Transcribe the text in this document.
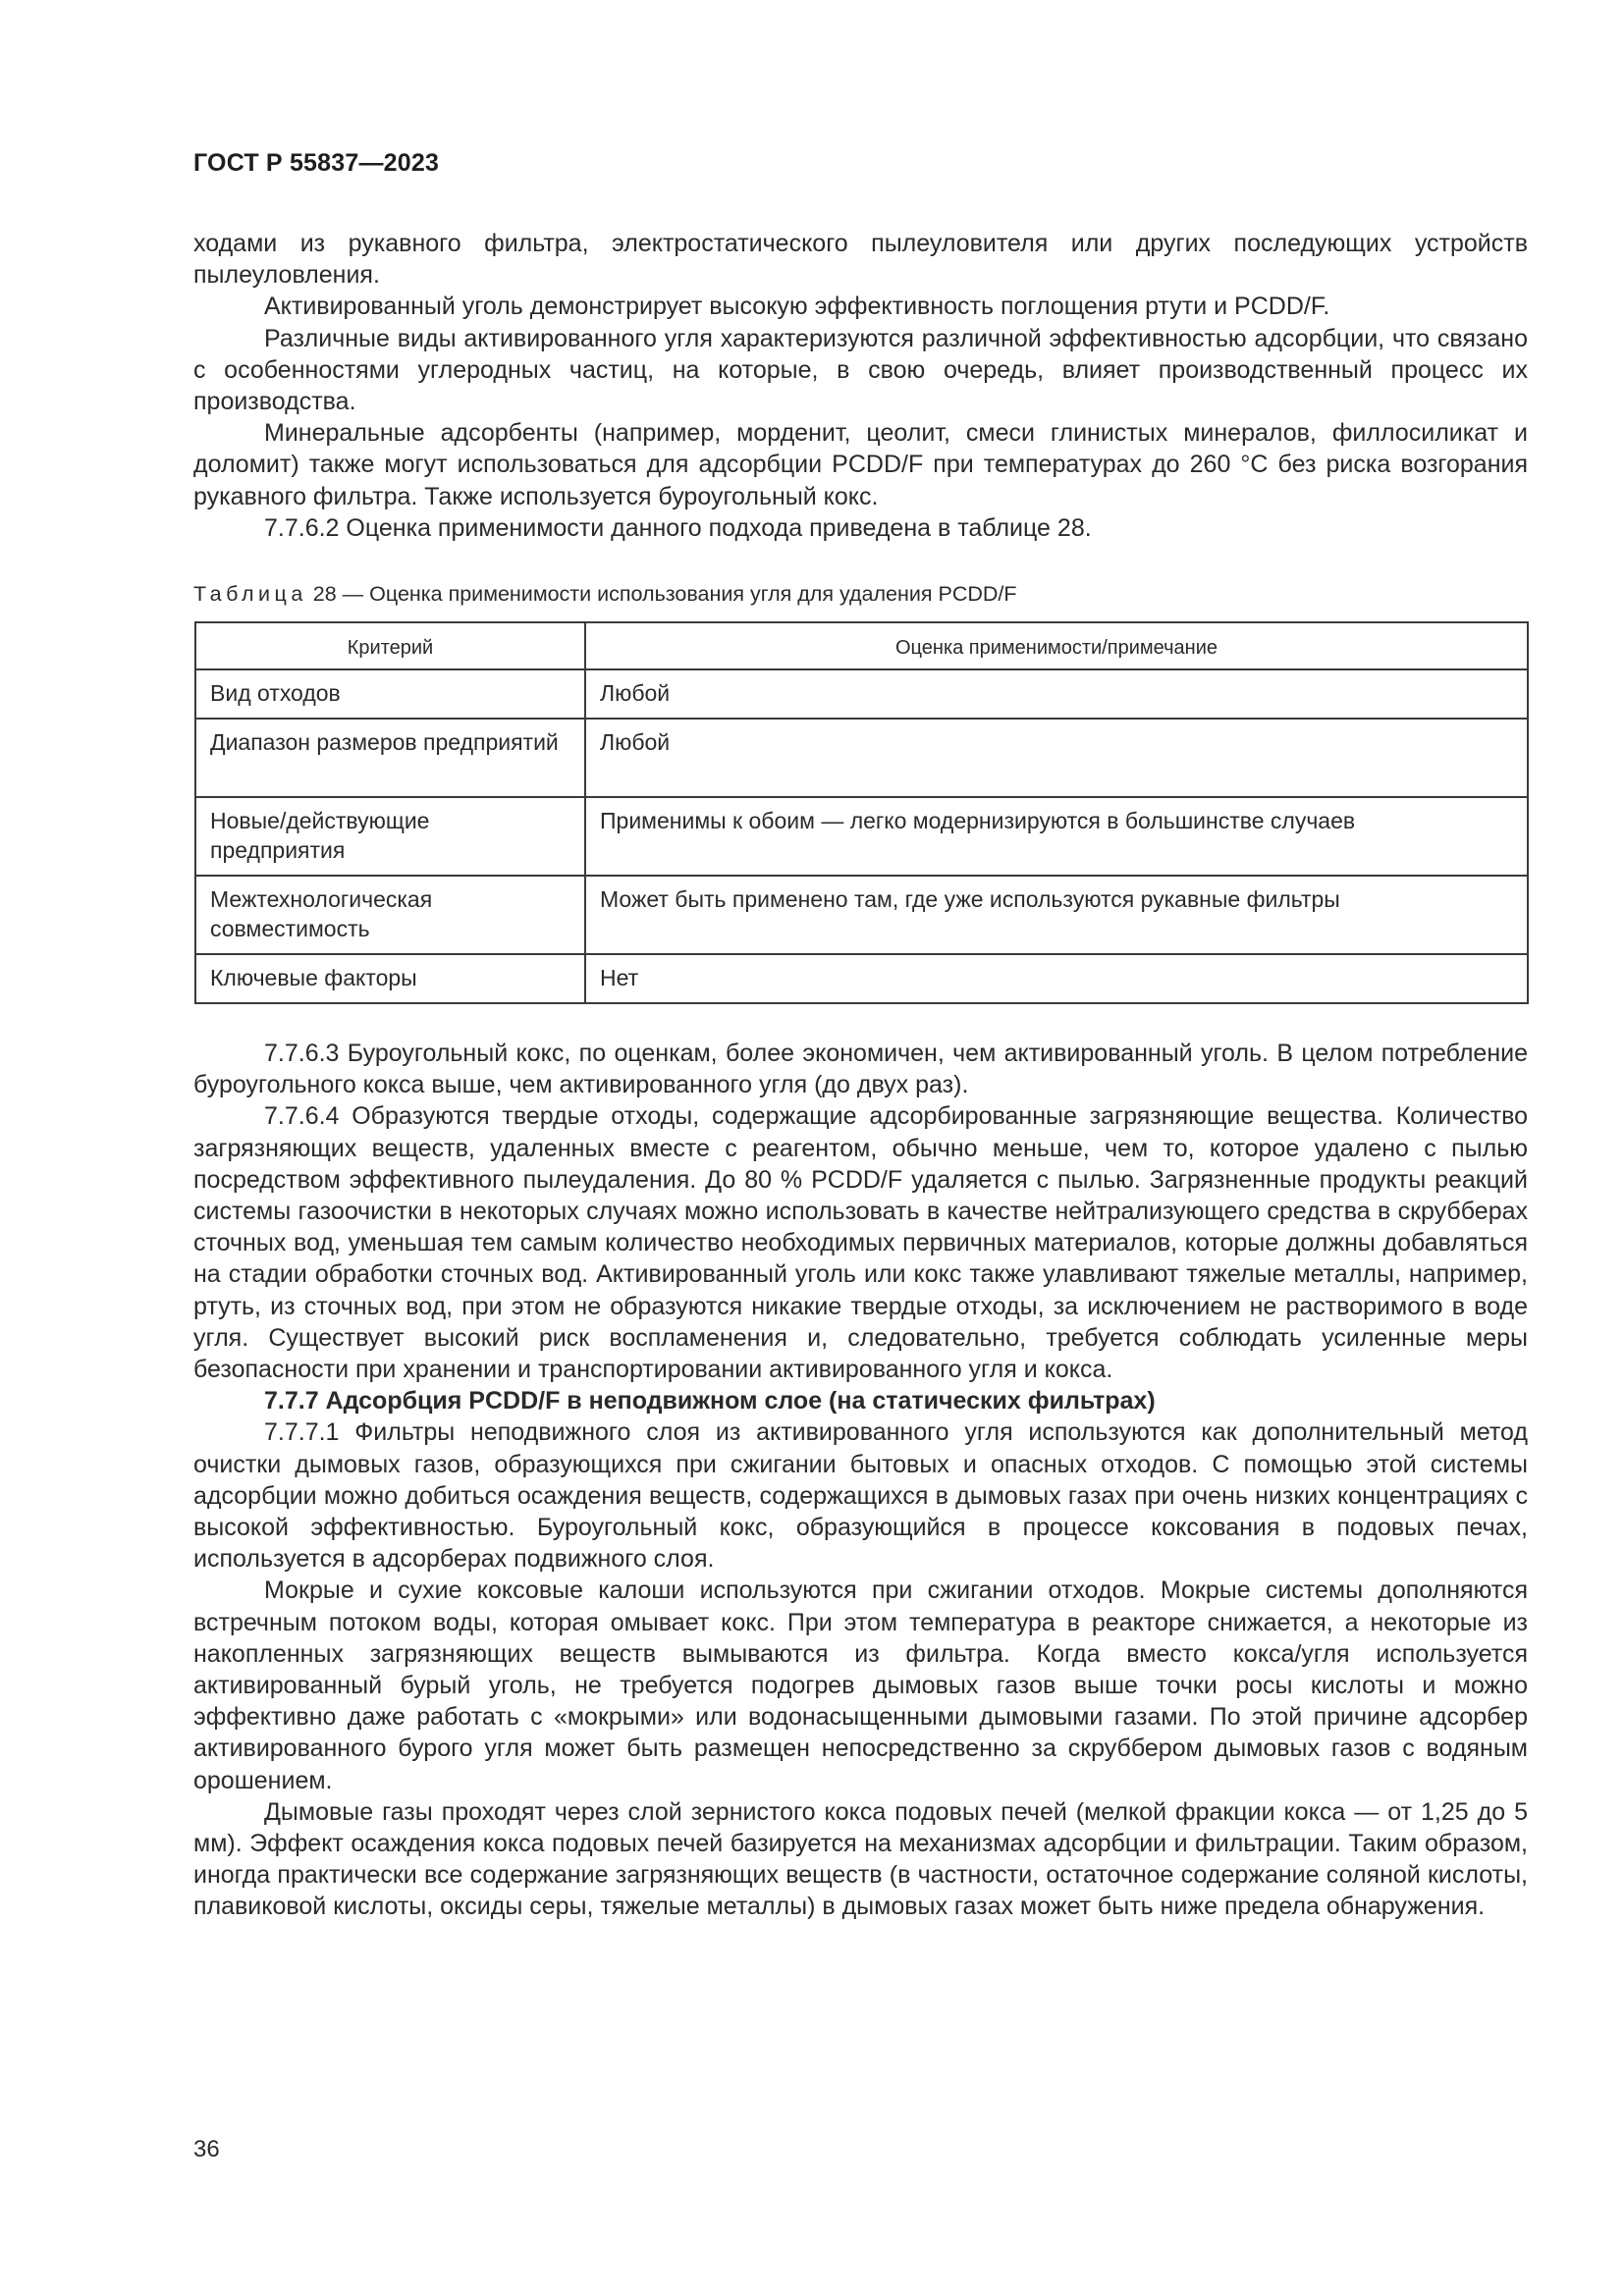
ГОСТ Р 55837—2023

ходами из рукавного фильтра, электростатического пылеуловителя или других последующих устройств пылеуловления.

Активированный уголь демонстрирует высокую эффективность поглощения ртути и PCDD/F.

Различные виды активированного угля характеризуются различной эффективностью адсорбции, что связано с особенностями углеродных частиц, на которые, в свою очередь, влияет производственный процесс их производства.

Минеральные адсорбенты (например, морденит, цеолит, смеси глинистых минералов, филлосиликат и доломит) также могут использоваться для адсорбции PCDD/F при температурах до 260 °C без риска возгорания рукавного фильтра. Также используется буроугольный кокс.

7.7.6.2 Оценка применимости данного подхода приведена в таблице 28.

Таблица 28 — Оценка применимости использования угля для удаления PCDD/F
Критерий	Оценка применимости/примечание
Вид отходов	Любой
Диапазон размеров предприятий	Любой
Новые/действующие предприятия	Применимы к обоим — легко модернизируются в большинстве случаев
Межтехнологическая совместимость	Может быть применено там, где уже используются рукавные фильтры
Ключевые факторы	Нет

7.7.6.3 Буроугольный кокс, по оценкам, более экономичен, чем активированный уголь. В целом потребление буроугольного кокса выше, чем активированного угля (до двух раз).

7.7.6.4 Образуются твердые отходы, содержащие адсорбированные загрязняющие вещества. Количество загрязняющих веществ, удаленных вместе с реагентом, обычно меньше, чем то, которое удалено с пылью посредством эффективного пылеудаления. До 80 % PCDD/F удаляется с пылью. Загрязненные продукты реакций системы газоочистки в некоторых случаях можно использовать в качестве нейтрализующего средства в скрубберах сточных вод, уменьшая тем самым количество необходимых первичных материалов, которые должны добавляться на стадии обработки сточных вод. Активированный уголь или кокс также улавливают тяжелые металлы, например, ртуть, из сточных вод, при этом не образуются никакие твердые отходы, за исключением не растворимого в воде угля. Существует высокий риск воспламенения и, следовательно, требуется соблюдать усиленные меры безопасности при хранении и транспортировании активированного угля и кокса.

7.7.7 Адсорбция PCDD/F в неподвижном слое (на статических фильтрах)

7.7.7.1 Фильтры неподвижного слоя из активированного угля используются как дополнительный метод очистки дымовых газов, образующихся при сжигании бытовых и опасных отходов. С помощью этой системы адсорбции можно добиться осаждения веществ, содержащихся в дымовых газах при очень низких концентрациях с высокой эффективностью. Буроугольный кокс, образующийся в процессе коксования в подовых печах, используется в адсорберах подвижного слоя.

Мокрые и сухие коксовые калоши используются при сжигании отходов. Мокрые системы дополняются встречным потоком воды, которая омывает кокс. При этом температура в реакторе снижается, а некоторые из накопленных загрязняющих веществ вымываются из фильтра. Когда вместо кокса/угля используется активированный бурый уголь, не требуется подогрев дымовых газов выше точки росы кислоты и можно эффективно даже работать с «мокрыми» или водонасыщенными дымовыми газами. По этой причине адсорбер активированного бурого угля может быть размещен непосредственно за скруббером дымовых газов с водяным орошением.

Дымовые газы проходят через слой зернистого кокса подовых печей (мелкой фракции кокса — от 1,25 до 5 мм). Эффект осаждения кокса подовых печей базируется на механизмах адсорбции и фильтрации. Таким образом, иногда практически все содержание загрязняющих веществ (в частности, остаточное содержание соляной кислоты, плавиковой кислоты, оксиды серы, тяжелые металлы) в дымовых газах может быть ниже предела обнаружения.

36
